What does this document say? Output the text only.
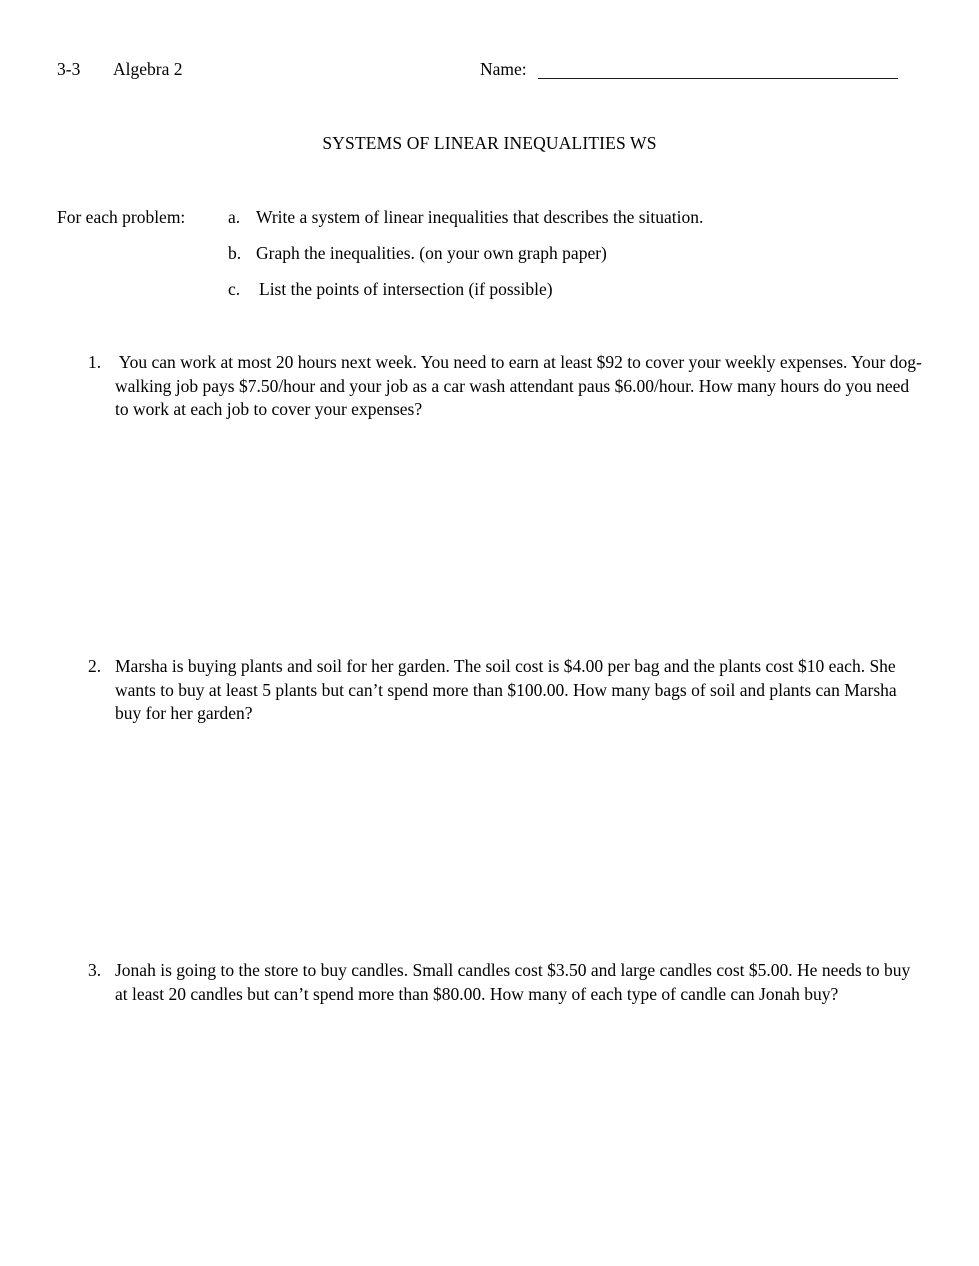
3-3 Algebra 2	Name:
SYSTEMS OF LINEAR INEQUALITIES WS
For each problem: a. Write a system of linear inequalities that describes the situation.
b. Graph the inequalities. (on your own graph paper)
c. List the points of intersection (if possible)
1.	You can work at most 20 hours next week. You need to earn at least $92 to cover your weekly expenses. Your dog-walking job pays $7.50/hour and your job as a car wash attendant paus $6.00/hour. How many hours do you need to work at each job to cover your expenses?
2. Marsha is buying plants and soil for her garden. The soil cost is $4.00 per bag and the plants cost $10 each. She wants to buy at least 5 plants but can’t spend more than $100.00. How many bags of soil and plants can Marsha buy for her garden?
3. Jonah is going to the store to buy candles. Small candles cost $3.50 and large candles cost $5.00. He needs to buy at least 20 candles but can’t spend more than $80.00. How many of each type of candle can Jonah buy?
